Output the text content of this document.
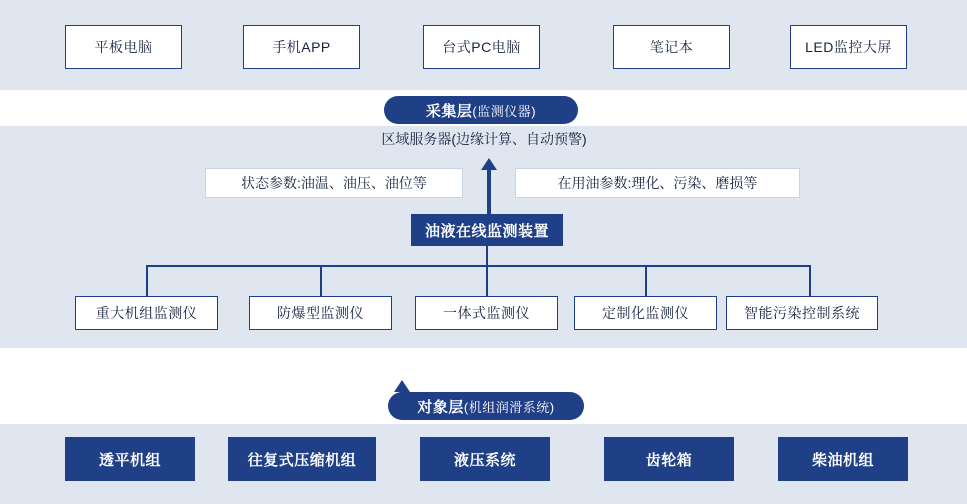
平板电脑	手机APP	台式PC电脑	笔记本	LED监控大屏
采集层 (监测仪器)
区域服务器(边缘计算、自动预警)
状态参数:油温、油压、油位等	在用油参数:理化、污染、磨损等
油液在线监测装置
重大机组监测仪	防爆型监测仪	一体式监测仪	定制化监测仪	智能污染控制系统
对象层 (机组润滑系统)
透平机组	往复式压缩机组	液压系统	齿轮箱	柴油机组
